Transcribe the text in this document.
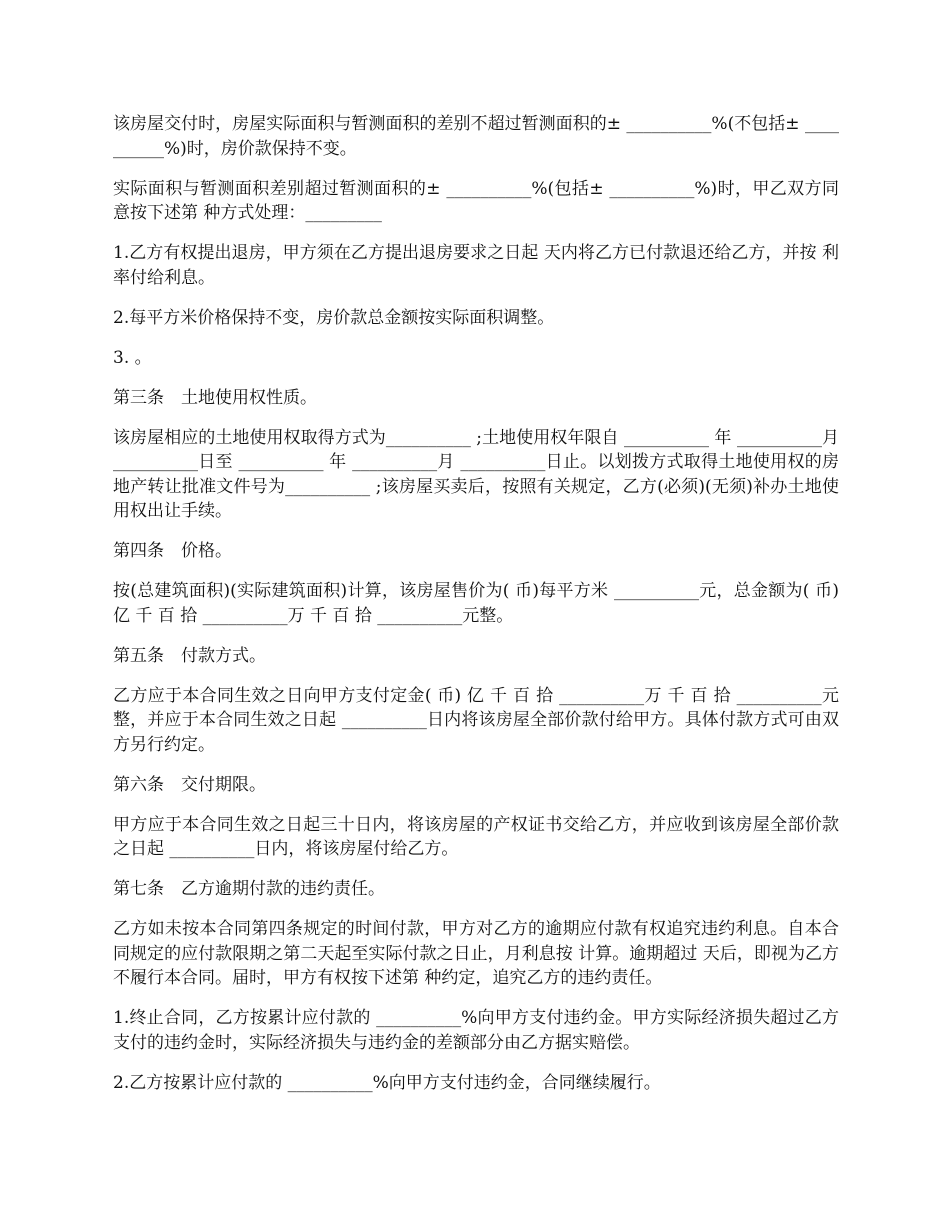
该房屋交付时，房屋实际面积与暂测面积的差别不超过暂测面积的± __________%(不包括± __________%)时，房价款保持不变。

实际面积与暂测面积差别超过暂测面积的± __________%(包括± __________%)时，甲乙双方同意按下述第 种方式处理：_________

1.乙方有权提出退房，甲方须在乙方提出退房要求之日起 天内将乙方已付款退还给乙方，并按 利率付给利息。

2.每平方米价格保持不变，房价款总金额按实际面积调整。

3. 。

第三条　土地使用权性质。

该房屋相应的土地使用权取得方式为__________ ;土地使用权年限自 __________ 年 __________月 __________日至 __________ 年 __________月 __________日止。以划拨方式取得土地使用权的房地产转让批准文件号为__________ ;该房屋买卖后，按照有关规定，乙方(必须)(无须)补办土地使用权出让手续。

第四条　价格。

按(总建筑面积)(实际建筑面积)计算，该房屋售价为( 币)每平方米 __________元，总金额为( 币) 亿 千 百 拾 __________万 千 百 拾 __________元整。

第五条　付款方式。

乙方应于本合同生效之日向甲方支付定金( 币) 亿 千 百 拾 __________万 千 百 拾 __________元整，并应于本合同生效之日起 __________日内将该房屋全部价款付给甲方。具体付款方式可由双方另行约定。

第六条　交付期限。

甲方应于本合同生效之日起三十日内，将该房屋的产权证书交给乙方，并应收到该房屋全部价款之日起 __________日内，将该房屋付给乙方。

第七条　乙方逾期付款的违约责任。

乙方如未按本合同第四条规定的时间付款，甲方对乙方的逾期应付款有权追究违约利息。自本合同规定的应付款限期之第二天起至实际付款之日止，月利息按 计算。逾期超过 天后，即视为乙方不履行本合同。届时，甲方有权按下述第 种约定，追究乙方的违约责任。

1.终止合同，乙方按累计应付款的 __________%向甲方支付违约金。甲方实际经济损失超过乙方支付的违约金时，实际经济损失与违约金的差额部分由乙方据实赔偿。

2.乙方按累计应付款的 __________%向甲方支付违约金，合同继续履行。
